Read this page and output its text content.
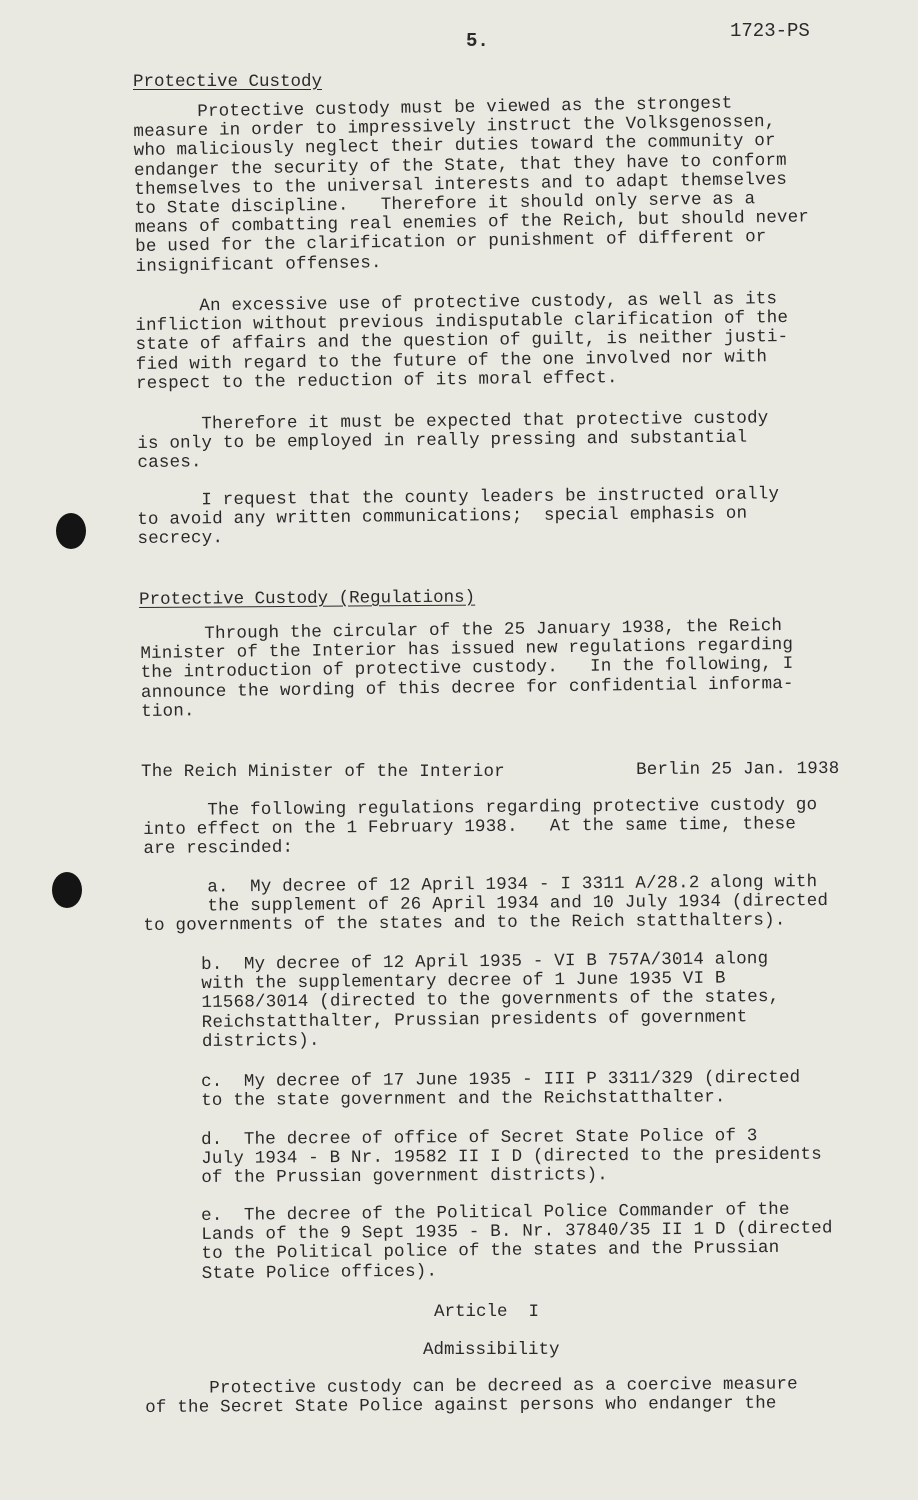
5.	1723-PS
Protective Custody
Protective custody must be viewed as the strongest
measure in order to impressively instruct the Volksgenossen,
who maliciously neglect their duties toward the community or
endanger the security of the State, that they have to conform
themselves to the universal interests and to adapt themselves
to State discipline.   Therefore it should only serve as a
means of combatting real enemies of the Reich, but should never
be used for the clarification or punishment of different or
insignificant offenses.
An excessive use of protective custody, as well as its
infliction without previous indisputable clarification of the
state of affairs and the question of guilt, is neither justi-
fied with regard to the future of the one involved nor with
respect to the reduction of its moral effect.
Therefore it must be expected that protective custody
is only to be employed in really pressing and substantial
cases.
I request that the county leaders be instructed orally
to avoid any written communications;  special emphasis on
secrecy.
Protective Custody (Regulations)
Through the circular of the 25 January 1938, the Reich
Minister of the Interior has issued new regulations regarding
the introduction of protective custody.   In the following, I
announce the wording of this decree for confidential informa-
tion.
The Reich Minister of the Interior	Berlin 25 Jan. 1938
The following regulations regarding protective custody go
into effect on the 1 February 1938.   At the same time, these
are rescinded:
a.  My decree of 12 April 1934 - I 3311 A/28.2 along with
the supplement of 26 April 1934 and 10 July 1934 (directed
to governments of the states and to the Reich statthalters).
b.  My decree of 12 April 1935 - VI B 757A/3014 along
with the supplementary decree of 1 June 1935 VI B
11568/3014 (directed to the governments of the states,
Reichstatthalter, Prussian presidents of government
districts).
c.  My decree of 17 June 1935 - III P 3311/329 (directed
to the state government and the Reichstatthalter.
d.  The decree of office of Secret State Police of 3
July 1934 - B Nr. 19582 II I D (directed to the presidents
of the Prussian government districts).
e.  The decree of the Political Police Commander of the
Lands of the 9 Sept 1935 - B. Nr. 37840/35 II 1 D (directed
to the Political police of the states and the Prussian
State Police offices).
Article  I
Admissibility
Protective custody can be decreed as a coercive measure
of the Secret State Police against persons who endanger the
